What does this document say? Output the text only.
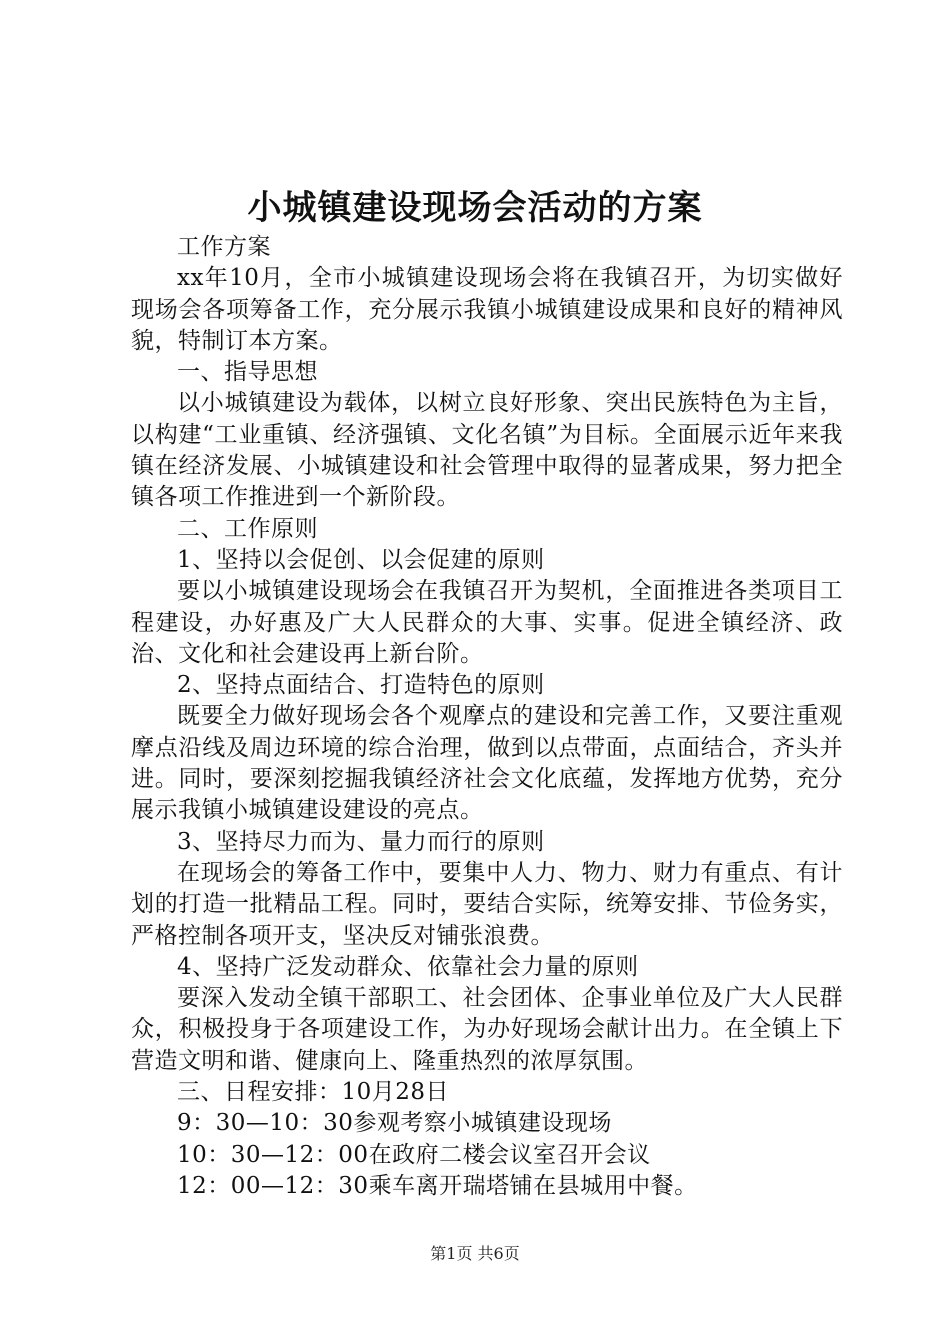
小城镇建设现场会活动的方案

工作方案

xx年10月，全市小城镇建设现场会将在我镇召开，为切实做好现场会各项筹备工作，充分展示我镇小城镇建设成果和良好的精神风貌，特制订本方案。

一、指导思想

以小城镇建设为载体，以树立良好形象、突出民族特色为主旨，以构建“工业重镇、经济强镇、文化名镇”为目标。全面展示近年来我镇在经济发展、小城镇建设和社会管理中取得的显著成果，努力把全镇各项工作推进到一个新阶段。

二、工作原则

1、坚持以会促创、以会促建的原则

要以小城镇建设现场会在我镇召开为契机，全面推进各类项目工程建设，办好惠及广大人民群众的大事、实事。促进全镇经济、政治、文化和社会建设再上新台阶。

2、坚持点面结合、打造特色的原则

既要全力做好现场会各个观摩点的建设和完善工作，又要注重观摩点沿线及周边环境的综合治理，做到以点带面，点面结合，齐头并进。同时，要深刻挖掘我镇经济社会文化底蕴，发挥地方优势，充分展示我镇小城镇建设建设的亮点。

3、坚持尽力而为、量力而行的原则

在现场会的筹备工作中，要集中人力、物力、财力有重点、有计划的打造一批精品工程。同时，要结合实际，统筹安排、节俭务实，严格控制各项开支，坚决反对铺张浪费。

4、坚持广泛发动群众、依靠社会力量的原则

要深入发动全镇干部职工、社会团体、企事业单位及广大人民群众，积极投身于各项建设工作，为办好现场会献计出力。在全镇上下营造文明和谐、健康向上、隆重热烈的浓厚氛围。

三、日程安排：10月28日

9：30—10：30参观考察小城镇建设现场

10：30—12：00在政府二楼会议室召开会议

12：00—12：30乘车离开瑞塔铺在县城用中餐。

第1页 共6页
